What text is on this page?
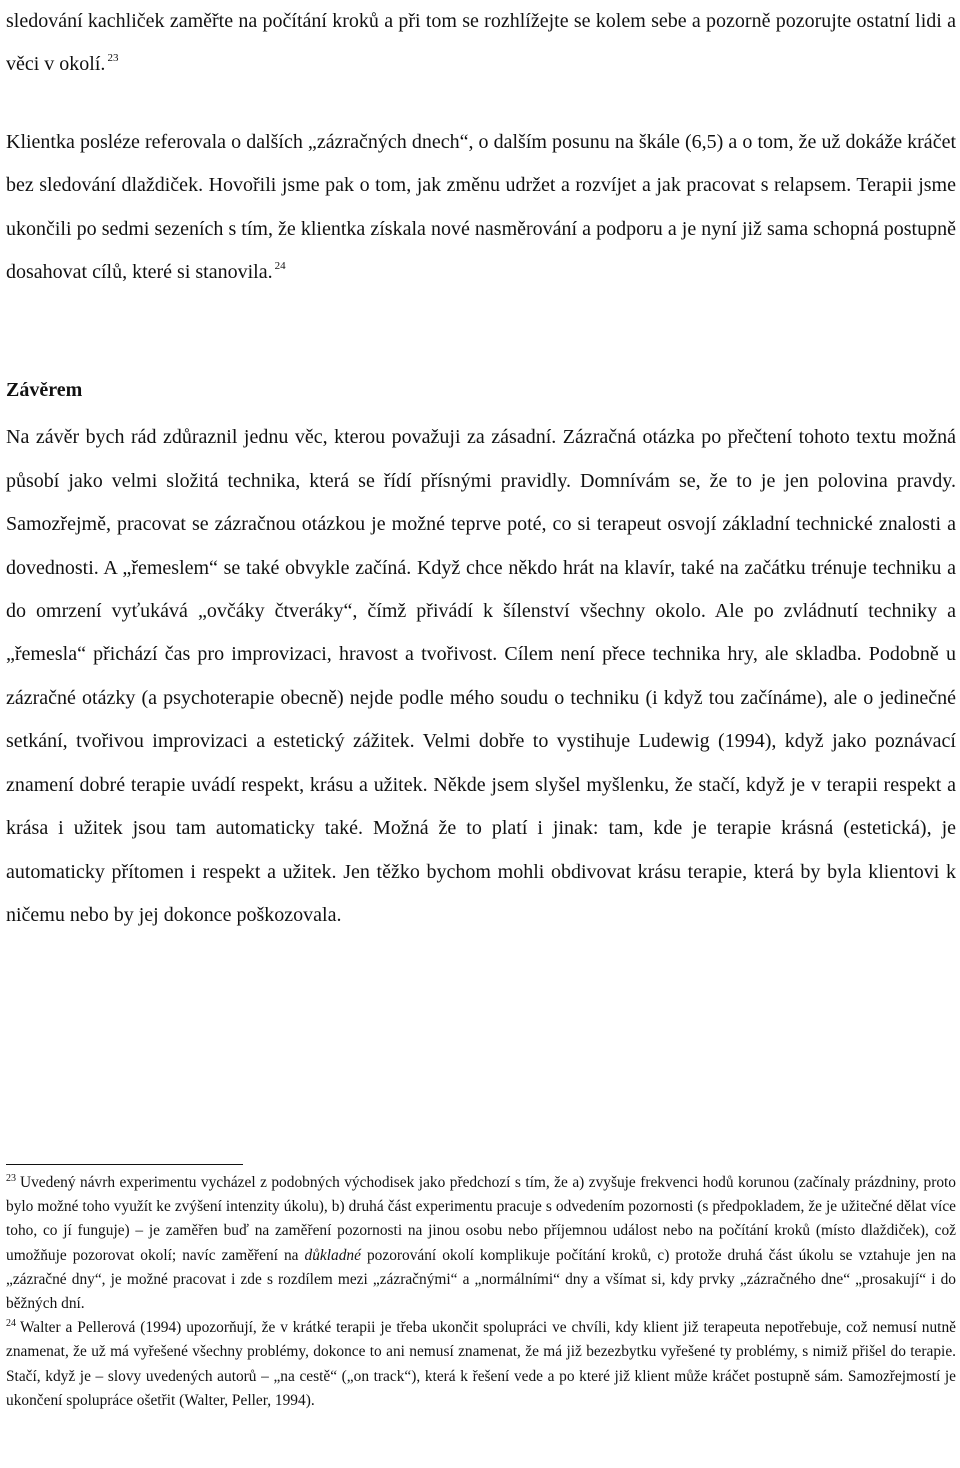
sledování kachliček zaměřte na počítání kroků a při tom se rozhlížejte se kolem sebe a pozorně pozorujte ostatní lidi a věci v okolí. $^{23}$

Klientka posléze referovala o dalších „zázračných dnech“, o dalším posunu na škále (6,5) a o tom, že už dokáže kráčet bez sledování dlaždiček. Hovořili jsme pak o tom, jak změnu udržet a rozvíjet a jak pracovat s relapsem. Terapii jsme ukončili po sedmi sezeních s tím, že klientka získala nové nasměrování a podporu a je nyní již sama schopná postupně dosahovat cílů, které si stanovila. $^{24}$

Závěrem

Na závěr bych rád zdůraznil jednu věc, kterou považuji za zásadní. Zázračná otázka po přečtení tohoto textu možná působí jako velmi složitá technika, která se řídí přísnými pravidly. Domnívám se, že to je jen polovina pravdy. Samozřejmě, pracovat se zázračnou otázkou je možné teprve poté, co si terapeut osvojí základní technické znalosti a dovednosti. A „řemeslem“ se také obvykle začíná. Když chce někdo hrát na klavír, také na začátku trénuje techniku a do omrzení vyťukává „ovčáky čtveráky“, čímž přivádí k šílenství všechny okolo. Ale po zvládnutí techniky a „řemesla“ přichází čas pro improvizaci, hravost a tvořivost. Cílem není přece technika hry, ale skladba. Podobně u zázračné otázky (a psychoterapie obecně) nejde podle mého soudu o techniku (i když tou začínáme), ale o jedinečné setkání, tvořivou improvizaci a estetický zážitek. Velmi dobře to vystihuje Ludewig (1994), když jako poznávací znamení dobré terapie uvádí respekt, krásu a užitek. Někde jsem slyšel myšlenku, že stačí, když je v terapii respekt a krása i užitek jsou tam automaticky také. Možná že to platí i jinak: tam, kde je terapie krásná (estetická), je automaticky přítomen i respekt a užitek. Jen těžko bychom mohli obdivovat krásu terapie, která by byla klientovi k ničemu nebo by jej dokonce poškozovala.

$^{23}$ Uvedený návrh experimentu vycházel z podobných východisek jako předchozí s tím, že a) zvyšuje frekvenci hodů korunou (začínaly prázdniny, proto bylo možné toho využít ke zvýšení intenzity úkolu), b) druhá část experimentu pracuje s odvedením pozornosti (s předpokladem, že je užitečné dělat více toho, co jí funguje) – je zaměřen buď na zaměření pozornosti na jinou osobu nebo příjemnou událost nebo na počítání kroků (místo dlaždiček), což umožňuje pozorovat okolí; navíc zaměření na důkladné pozorování okolí komplikuje počítání kroků, c) protože druhá část úkolu se vztahuje jen na „zázračné dny“, je možné pracovat i zde s rozdílem mezi „zázračnými“ a „normálními“ dny a všímat si, kdy prvky „zázračného dne“ „prosakují“ i do běžných dní.

$^{24}$ Walter a Pellerová (1994) upozorňují, že v krátké terapii je třeba ukončit spolupráci ve chvíli, kdy klient již terapeuta nepotřebuje, což nemusí nutně znamenat, že už má vyřešené všechny problémy, dokonce to ani nemusí znamenat, že má již bezezbytku vyřešené ty problémy, s nimiž přišel do terapie. Stačí, když je – slovy uvedených autorů – „na cestě“ („on track“), která k řešení vede a po které již klient může kráčet postupně sám. Samozřejmostí je ukončení spolupráce ošetřit (Walter, Peller, 1994).
